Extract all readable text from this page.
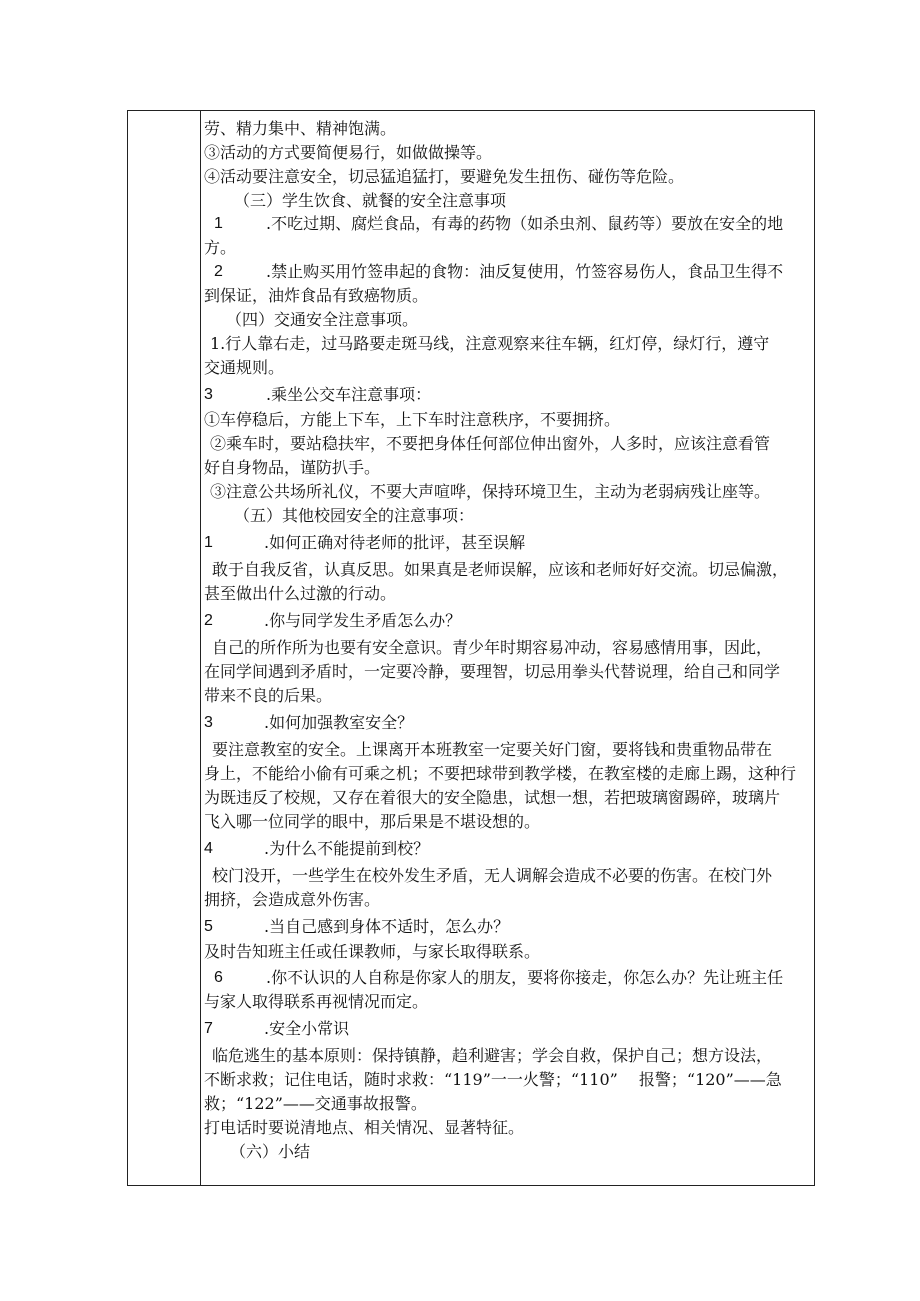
劳、精力集中、精神饱满。
③活动的方式要简便易行，如做做操等。
④活动要注意安全，切忌猛追猛打，要避免发生扭伤、碰伤等危险。
（三）学生饮食、就餐的安全注意事项
1	.不吃过期、腐烂食品，有毒的药物（如杀虫剂、鼠药等）要放在安全的地
方。
2	.禁止购买用竹签串起的食物：油反复使用，竹签容易伤人，食品卫生得不
到保证，油炸食品有致癌物质。
（四）交通安全注意事项。
1.行人靠右走，过马路要走斑马线，注意观察来往车辆，红灯停，绿灯行，遵守
交通规则。
3	.乘坐公交车注意事项：
①车停稳后，方能上下车，上下车时注意秩序，不要拥挤。
②乘车时，要站稳扶牢，不要把身体任何部位伸出窗外，人多时，应该注意看管
好自身物品，谨防扒手。
③注意公共场所礼仪，不要大声喧哗，保持环境卫生，主动为老弱病残让座等。
（五）其他校园安全的注意事项：
1	.如何正确对待老师的批评，甚至误解
敢于自我反省，认真反思。如果真是老师误解，应该和老师好好交流。切忌偏激，
甚至做出什么过激的行动。
2	.你与同学发生矛盾怎么办？
自己的所作所为也要有安全意识。青少年时期容易冲动，容易感情用事，因此，
在同学间遇到矛盾时，一定要冷静，要理智，切忌用拳头代替说理，给自己和同学
带来不良的后果。
3	.如何加强教室安全？
要注意教室的安全。上课离开本班教室一定要关好门窗，要将钱和贵重物品带在
身上，不能给小偷有可乘之机；不要把球带到教学楼，在教室楼的走廊上踢，这种行
为既违反了校规，又存在着很大的安全隐患，试想一想，若把玻璃窗踢碎，玻璃片
飞入哪一位同学的眼中，那后果是不堪设想的。
4	.为什么不能提前到校？
校门没开，一些学生在校外发生矛盾，无人调解会造成不必要的伤害。在校门外
拥挤，会造成意外伤害。
5	.当自己感到身体不适时，怎么办？
及时告知班主任或任课教师，与家长取得联系。
6	.你不认识的人自称是你家人的朋友，要将你接走，你怎么办？先让班主任
与家人取得联系再视情况而定。
7	.安全小常识
临危逃生的基本原则：保持镇静，趋利避害；学会自救，保护自己；想方设法，
不断求救；记住电话，随时求救：“119”一一火警；“110”　 报警；“120”——急
救；“122”——交通事故报警。
打电话时要说清地点、相关情况、显著特征。
（六）小结
